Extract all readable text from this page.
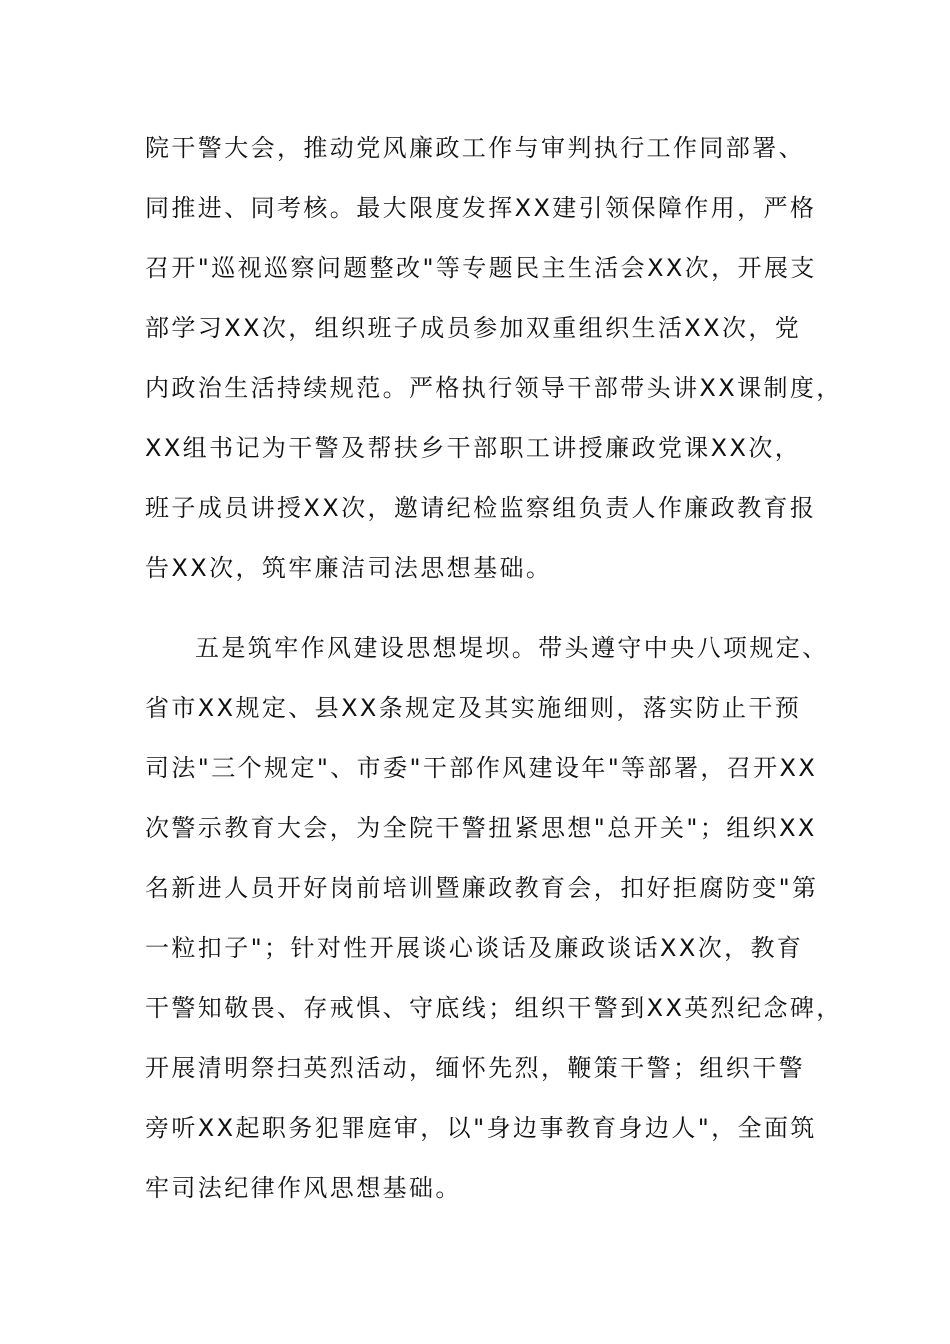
院干警大会，推动党风廉政工作与审判执行工作同部署、
同推进、同考核。最大限度发挥XX建引领保障作用，严格
召开"巡视巡察问题整改"等专题民主生活会XX次，开展支
部学习XX次，组织班子成员参加双重组织生活XX次，党
内政治生活持续规范。严格执行领导干部带头讲XX课制度，
XX组书记为干警及帮扶乡干部职工讲授廉政党课XX次，
班子成员讲授XX次，邀请纪检监察组负责人作廉政教育报
告XX次，筑牢廉洁司法思想基础。
五是筑牢作风建设思想堤坝。带头遵守中央八项规定、
省市XX规定、县XX条规定及其实施细则，落实防止干预
司法"三个规定"、市委"干部作风建设年"等部署，召开XX
次警示教育大会，为全院干警扭紧思想"总开关"；组织XX
名新进人员开好岗前培训暨廉政教育会，扣好拒腐防变"第
一粒扣子"；针对性开展谈心谈话及廉政谈话XX次，教育
干警知敬畏、存戒惧、守底线；组织干警到XX英烈纪念碑，
开展清明祭扫英烈活动，缅怀先烈，鞭策干警；组织干警
旁听XX起职务犯罪庭审，以"身边事教育身边人"，全面筑
牢司法纪律作风思想基础。
